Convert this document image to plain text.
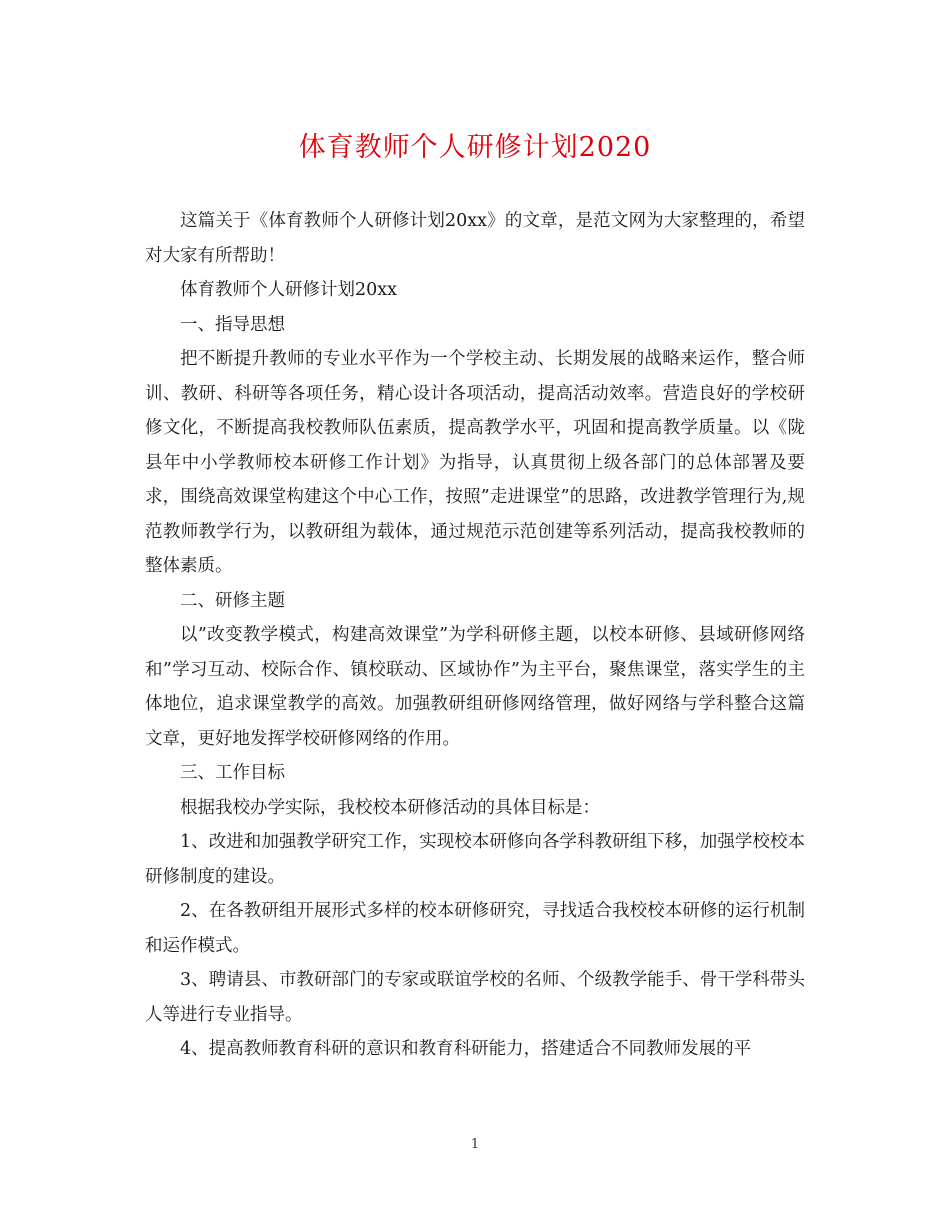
体育教师个人研修计划2020

这篇关于《体育教师个人研修计划20xx》的文章，是范文网为大家整理的，希望对大家有所帮助！

体育教师个人研修计划20xx

一、指导思想

把不断提升教师的专业水平作为一个学校主动、长期发展的战略来运作，整合师训、教研、科研等各项任务，精心设计各项活动，提高活动效率。营造良好的学校研修文化，不断提高我校教师队伍素质，提高教学水平，巩固和提高教学质量。以《陇县年中小学教师校本研修工作计划》为指导，认真贯彻上级各部门的总体部署及要求，围绕高效课堂构建这个中心工作，按照”走进课堂”的思路，改进教学管理行为,规范教师教学行为，以教研组为载体，通过规范示范创建等系列活动，提高我校教师的整体素质。

二、研修主题

以”改变教学模式，构建高效课堂”为学科研修主题，以校本研修、县域研修网络和”学习互动、校际合作、镇校联动、区域协作”为主平台，聚焦课堂，落实学生的主体地位，追求课堂教学的高效。加强教研组研修网络管理，做好网络与学科整合这篇文章，更好地发挥学校研修网络的作用。

三、工作目标

根据我校办学实际，我校校本研修活动的具体目标是：

1、改进和加强教学研究工作，实现校本研修向各学科教研组下移，加强学校校本研修制度的建设。

2、在各教研组开展形式多样的校本研修研究，寻找适合我校校本研修的运行机制和运作模式。

3、聘请县、市教研部门的专家或联谊学校的名师、个级教学能手、骨干学科带头人等进行专业指导。

4、提高教师教育科研的意识和教育科研能力，搭建适合不同教师发展的平

1
